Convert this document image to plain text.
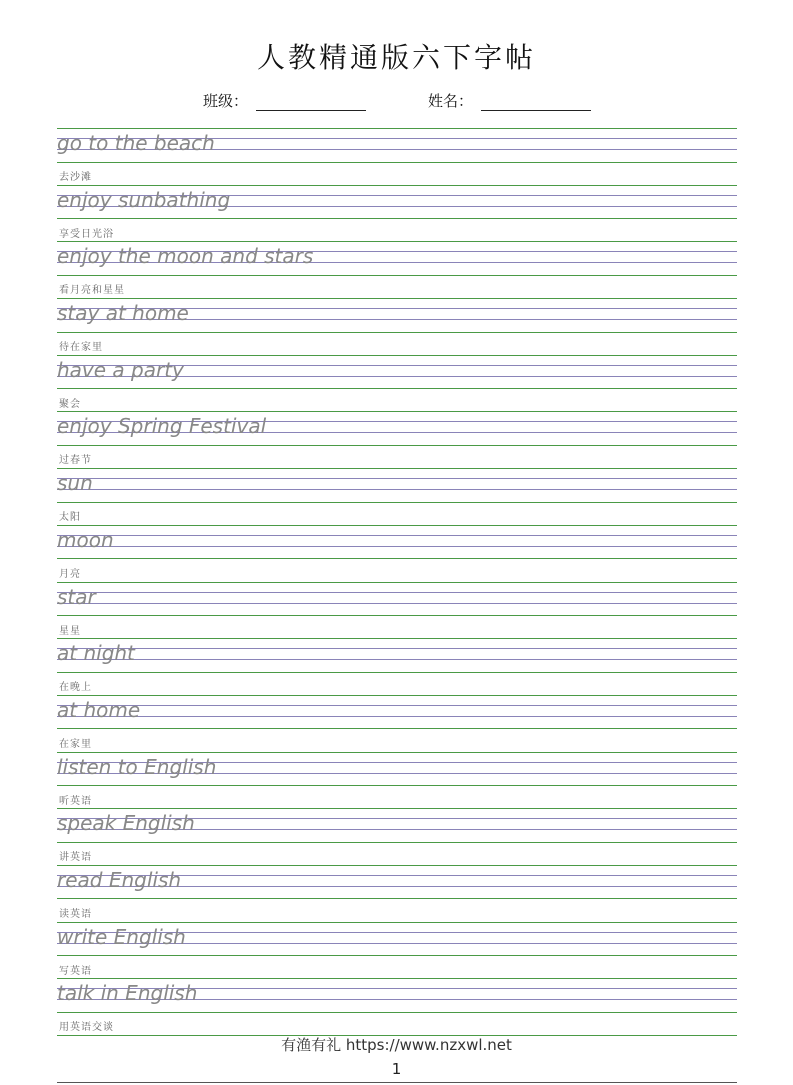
人教精通版六下字帖
班级：	姓名：
go to the beach
去沙滩
enjoy sunbathing
享受日光浴
enjoy the moon and stars
看月亮和星星
stay at home
待在家里
have a party
聚会
enjoy Spring Festival
过春节
sun
太阳
moon
月亮
star
星星
at night
在晚上
at home
在家里
listen to English
听英语
speak English
讲英语
read English
读英语
write English
写英语
talk in English
用英语交谈
有渔有礼 https://www.nzxwl.net
1
